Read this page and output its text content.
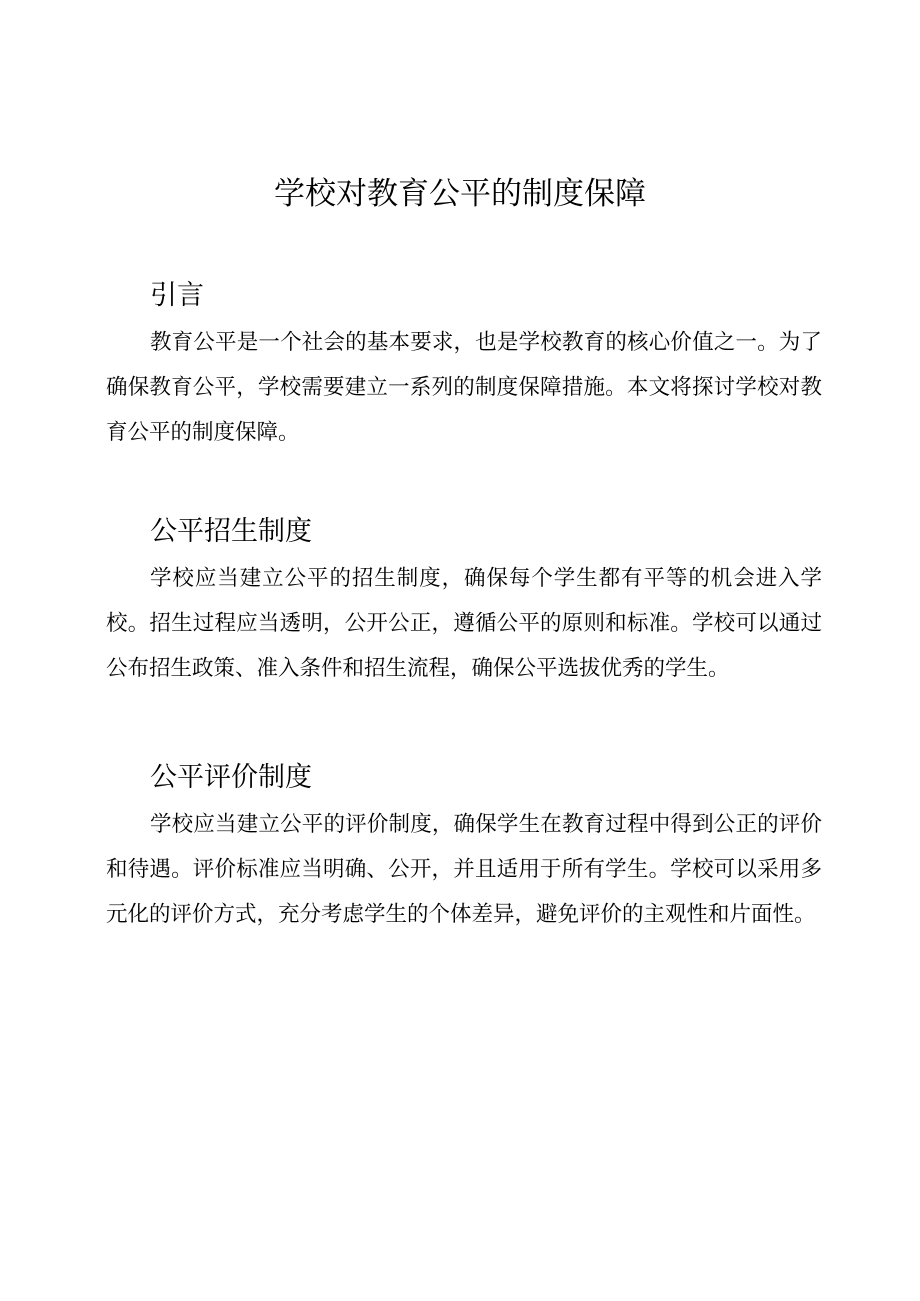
学校对教育公平的制度保障
引言

教育公平是一个社会的基本要求，也是学校教育的核心价值之一。为了确保教育公平，学校需要建立一系列的制度保障措施。本文将探讨学校对教育公平的制度保障。

公平招生制度

学校应当建立公平的招生制度，确保每个学生都有平等的机会进入学校。招生过程应当透明，公开公正，遵循公平的原则和标准。学校可以通过公布招生政策、准入条件和招生流程，确保公平选拔优秀的学生。

公平评价制度

学校应当建立公平的评价制度，确保学生在教育过程中得到公正的评价和待遇。评价标准应当明确、公开，并且适用于所有学生。学校可以采用多元化的评价方式，充分考虑学生的个体差异，避免评价的主观性和片面性。
